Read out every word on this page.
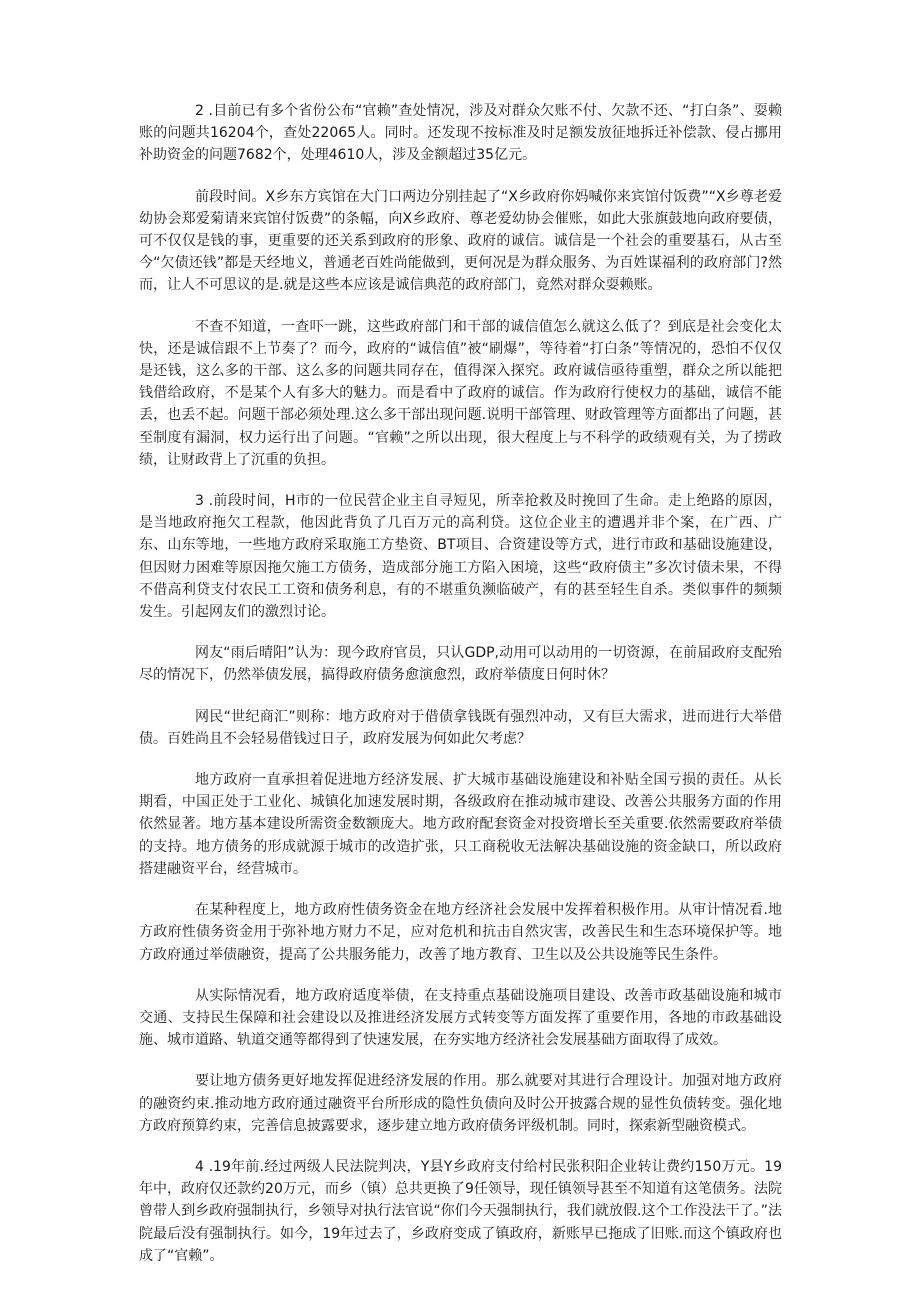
2 .目前已有多个省份公布“官赖”查处情况，涉及对群众欠账不付、欠款不还、“打白条”、耍赖账的问题共16204个，查处22065人。同时。还发现不按标准及时足额发放征地拆迁补偿款、侵占挪用补助资金的问题7682个，处理4610人，涉及金额超过35亿元。

前段时间。X乡东方宾馆在大门口两边分别挂起了“X乡政府你妈喊你来宾馆付饭费”“X乡尊老爱幼协会郑爱菊请来宾馆付饭费”的条幅，向X乡政府、尊老爱幼协会催账，如此大张旗鼓地向政府要债，可不仅仅是钱的事，更重要的还关系到政府的形象、政府的诚信。诚信是一个社会的重要基石，从古至今“欠债还钱”都是天经地义，普通老百姓尚能做到，更何况是为群众服务、为百姓谋福利的政府部门?然而，让人不可思议的是.就是这些本应该是诚信典范的政府部门，竟然对群众耍赖账。

不查不知道，一查吓一跳，这些政府部门和干部的诚信值怎么就这么低了？到底是社会变化太快，还是诚信跟不上节奏了？而今，政府的“诚信值”被“刷爆”，等待着“打白条”等情况的，恐怕不仅仅是还钱，这么多的干部、这么多的问题共同存在，值得深入探究。政府诚信亟待重塑，群众之所以能把钱借给政府，不是某个人有多大的魅力。而是看中了政府的诚信。作为政府行使权力的基础，诚信不能丢，也丢不起。问题干部必须处理.这么多干部出现问题.说明干部管理、财政管理等方面都出了问题，甚至制度有漏洞，权力运行出了问题。“官赖”之所以出现，很大程度上与不科学的政绩观有关，为了捞政绩，让财政背上了沉重的负担。

3 .前段时间，H市的一位民营企业主自寻短见，所幸抢救及时挽回了生命。走上绝路的原因，是当地政府拖欠工程款，他因此背负了几百万元的高利贷。这位企业主的遭遇并非个案，在广西、广东、山东等地，一些地方政府采取施工方垫资、BT项目、合资建设等方式，进行市政和基础设施建设，但因财力困难等原因拖欠施工方债务，造成部分施工方陷入困境，这些“政府债主”多次讨债未果，不得不借高利贷支付农民工工资和债务利息，有的不堪重负濒临破产，有的甚至轻生自杀。类似事件的频频发生。引起网友们的激烈讨论。

网友“雨后晴阳”认为：现今政府官员，只认GDP,动用可以动用的一切资源，在前届政府支配殆尽的情况下，仍然举债发展，搞得政府债务愈演愈烈，政府举债度日何时休？

网民“世纪商汇”则称：地方政府对于借债拿钱既有强烈冲动，又有巨大需求，进而进行大举借债。百姓尚且不会轻易借钱过日子，政府发展为何如此欠考虑？

地方政府一直承担着促进地方经济发展、扩大城市基础设施建设和补贴全国亏损的责任。从长期看，中国正处于工业化、城镇化加速发展时期，各级政府在推动城市建设、改善公共服务方面的作用依然显著。地方基本建设所需资金数额庞大。地方政府配套资金对投资增长至关重要.依然需要政府举债的支持。地方债务的形成就源于城市的改造扩张，只工商税收无法解决基础设施的资金缺口，所以政府搭建融资平台，经营城市。

在某种程度上，地方政府性债务资金在地方经济社会发展中发挥着积极作用。从审计情况看.地方政府性债务资金用于弥补地方财力不足，应对危机和抗击自然灾害，改善民生和生态环境保护等。地方政府通过举债融资，提高了公共服务能力，改善了地方教育、卫生以及公共设施等民生条件。

从实际情况看，地方政府适度举债，在支持重点基础设施项目建设、改善市政基础设施和城市交通、支持民生保障和社会建设以及推进经济发展方式转变等方面发挥了重要作用，各地的市政基础设施、城市道路、轨道交通等都得到了快速发展，在夯实地方经济社会发展基础方面取得了成效。

要让地方债务更好地发挥促进经济发展的作用。那么就要对其进行合理设计。加强对地方政府的融资约束.推动地方政府通过融资平台所形成的隐性负债向及时公开披露合规的显性负债转变。强化地方政府预算约束，完善信息披露要求，逐步建立地方政府债务评级机制。同时，探索新型融资模式。

4 .19年前.经过两级人民法院判决，Y县Y乡政府支付给村民张积阳企业转让费约150万元。19年中，政府仅还款约20万元，而乡（镇）总共更换了9任领导，现任镇领导甚至不知道有这笔债务。法院曾带人到乡政府强制执行，乡领导对执行法官说“你们今天强制执行，我们就放假.这个工作没法干了。”法院最后没有强制执行。如今，19年过去了，乡政府变成了镇政府，新账早已拖成了旧账.而这个镇政府也成了“官赖”。
